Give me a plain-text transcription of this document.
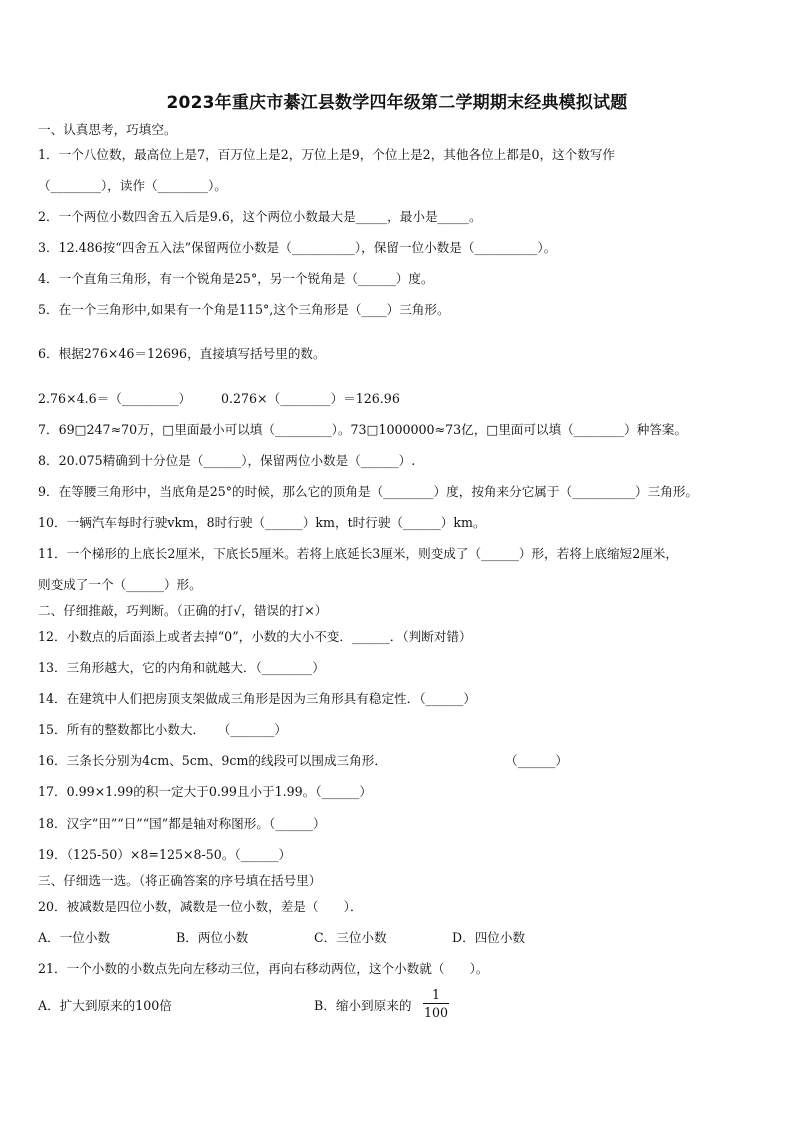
2023年重庆市綦江县数学四年级第二学期期末经典模拟试题
一、认真思考，巧填空。
1．一个八位数，最高位上是7，百万位上是2，万位上是9，个位上是2，其他各位上都是0，这个数写作
（________），读作（________）。
2．一个两位小数四舍五入后是9.6，这个两位小数最大是_____，最小是_____。
3．12.486按“四舍五入法”保留两位小数是（__________），保留一位小数是（__________）。
4．一个直角三角形，有一个锐角是25°，另一个锐角是（______）度。
5．在一个三角形中,如果有一个角是115°,这个三角形是（____）三角形。
6．根据276×46＝12696，直接填写括号里的数。
2.76×4.6＝（_________） 0.276×（________）＝126.96
7．69□247≈70万，□里面最小可以填（_________）。73□1000000≈73亿，□里面可以填（________）种答案。
8．20.075精确到十分位是（______），保留两位小数是（______）.
9．在等腰三角形中，当底角是25°的时候，那么它的顶角是（________）度，按角来分它属于（__________）三角形。
10．一辆汽车每时行驶vkm，8时行驶（______）km，t时行驶（______）km。
11．一个梯形的上底长2厘米，下底长5厘米。若将上底延长3厘米，则变成了（______）形，若将上底缩短2厘米，
则变成了一个（______）形。
二、仔细推敲，巧判断。（正确的打√，错误的打×）
12．小数点的后面添上或者去掉“0”，小数的大小不变．______．（判断对错）
13．三角形越大，它的内角和就越大．（________）
14．在建筑中人们把房顶支架做成三角形是因为三角形具有稳定性．（______）
15．所有的整数都比小数大．　　（_______）
16．三条长分别为4cm、5cm、9cm的线段可以围成三角形．	（______）
17．0.99×1.99的积一定大于0.99且小于1.99。（______）
18．汉字“田”“日”“国”都是轴对称图形。（______）
19．（125-50）×8=125×8-50。（______）
三、仔细选一选。（将正确答案的序号填在括号里）
20．被减数是四位小数，减数是一位小数，差是（　　）．
A．一位小数	B．两位小数	C．三位小数	D．四位小数
21．一个小数的小数点先向左移动三位，再向右移动两位，这个小数就（　　）。
A．扩大到原来的100倍	B．缩小到原来的
1
100
